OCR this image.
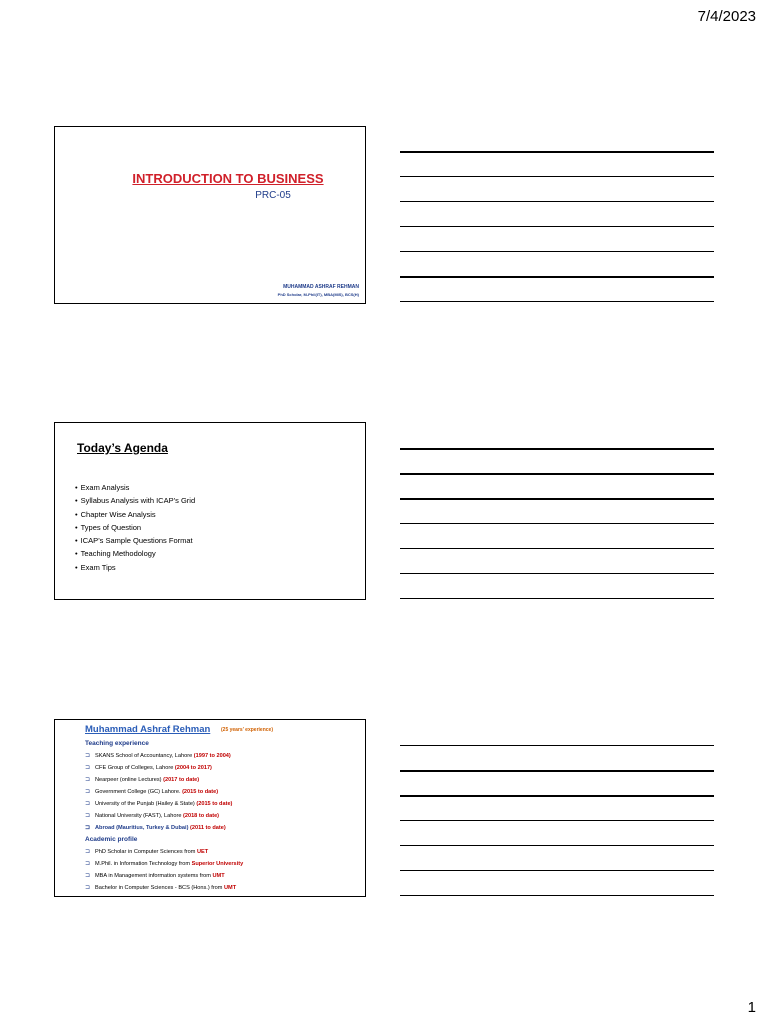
7/4/2023
INTRODUCTION TO BUSINESS
PRC-05
MUHAMMAD ASHRAF REHMAN
PhD Scholar, M-Phil(IT), MBA(MIS), BCS(H)
Today’s Agenda
• Exam Analysis
• Syllabus Analysis with ICAP’s Grid
• Chapter Wise Analysis
• Types of Question
• ICAP’s Sample Questions Format
• Teaching Methodology
• Exam Tips
Muhammad Ashraf Rehman (25 years’ experience)
Teaching experience
⊐ SKANS School of Accountancy, Lahore (1997 to 2004)
⊐ CFE Group of Colleges, Lahore (2004 to 2017)
⊐ Nearpeer (online Lectures) (2017 to date)
⊐ Government College (GC) Lahore. (2015 to date)
⊐ University of the Punjab (Hailey & State) (2015 to date)
⊐ National University (FAST), Lahore (2018 to date)
⊐ Abroad (Mauritius, Turkey & Dubai) (2011 to date)
Academic profile
⊐ PhD Scholar in Computer Sciences from UET
⊐ M.Phil. in Information Technology from Superior University
⊐ MBA in Management information systems from UMT
⊐ Bachelor in Computer Sciences - BCS (Hons.) from UMT
1
